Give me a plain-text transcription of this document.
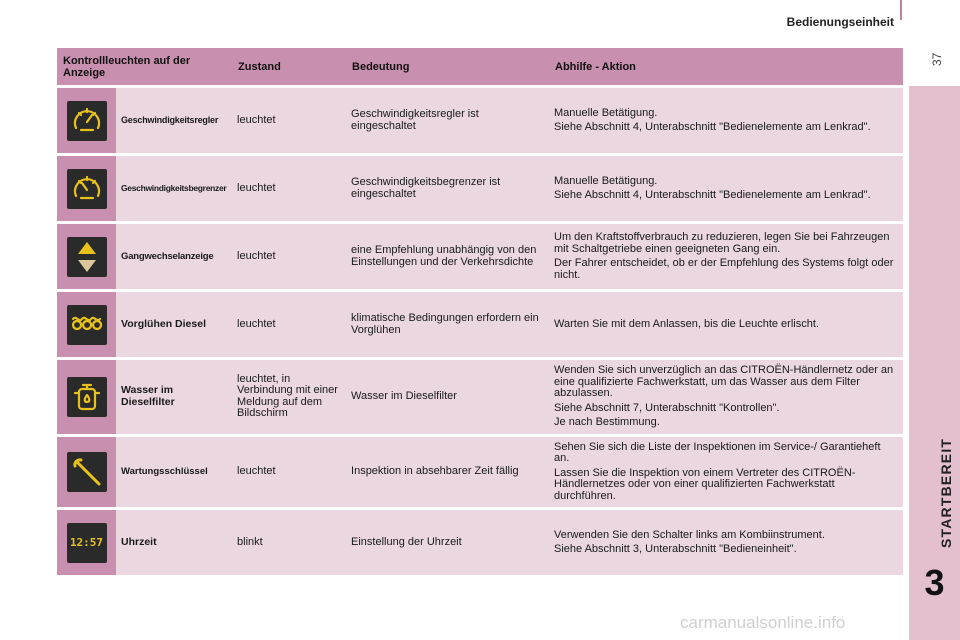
Bedienungseinheit
37
STARTBEREIT
3
carmanualsonline.info
Kontrollleuchten auf der Anzeige		Zustand	Bedeutung	Abhilfe - Aktion

	Geschwindigkeitsregler	leuchtet	Geschwindigkeitsregler ist eingeschaltet	Manuelle Betätigung.

Siehe Abschnitt 4, Unterabschnitt "Bedienelemente am Lenkrad".

	Geschwindigkeitsbegrenzer	leuchtet	Geschwindigkeitsbegrenzer ist eingeschaltet	Manuelle Betätigung.

Siehe Abschnitt 4, Unterabschnitt "Bedienelemente am Lenkrad".

	Gangwechselanzeige	leuchtet	eine Empfehlung unabhängig von den Einstellungen und der Verkehrsdichte	Um den Kraftstoffverbrauch zu reduzieren, legen Sie bei Fahrzeugen mit Schaltgetriebe einen geeigneten Gang ein.

Der Fahrer entscheidet, ob er der Empfehlung des Systems folgt oder nicht.

	Vorglühen Diesel	leuchtet	klimatische Bedingungen erfordern ein Vorglühen	Warten Sie mit dem Anlassen, bis die Leuchte erlischt.

	Wasser im Dieselfilter	leuchtet, in Verbindung mit einer Meldung auf dem Bildschirm	Wasser im Dieselfilter	Wenden Sie sich unverzüglich an das CITROËN-Händlernetz oder an eine qualifizierte Fachwerkstatt, um das Wasser aus dem Filter abzulassen.

Siehe Abschnitt 7, Unterabschnitt "Kontrollen".

Je nach Bestimmung.

	Wartungsschlüssel	leuchtet	Inspektion in absehbarer Zeit fällig	Sehen Sie sich die Liste der Inspektionen im Service-/ Garantieheft an.

Lassen Sie die Inspektion von einem Vertreter des CITROËN-Händlernetzes oder von einer qualifizierten Fachwerkstatt durchführen.

12:57	Uhrzeit	blinkt	Einstellung der Uhrzeit	Verwenden Sie den Schalter links am Kombiinstrument.

Siehe Abschnitt 3, Unterabschnitt "Bedieneinheit".
